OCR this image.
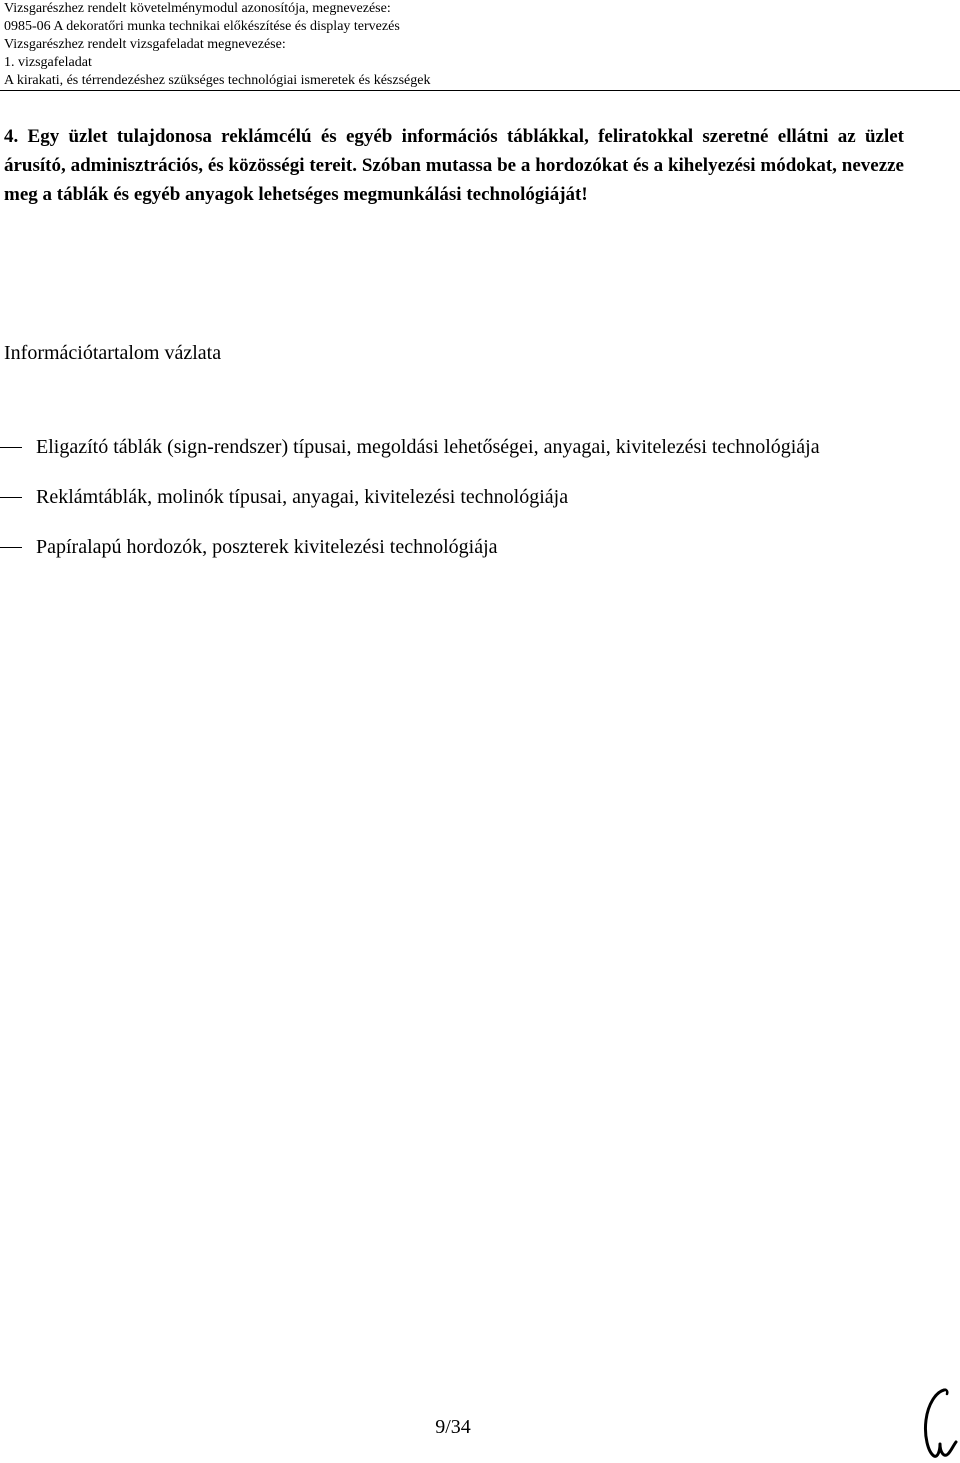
Vizsgarészhez rendelt követelménymodul azonosítója, megnevezése:
0985-06 A dekoratőri munka technikai előkészítése és display tervezés
Vizsgarészhez rendelt vizsgafeladat megnevezése:
1. vizsgafeladat
A kirakati, és térrendezéshez szükséges technológiai ismeretek és készségek
4. Egy üzlet tulajdonosa reklámcélú és egyéb információs táblákkal, feliratokkal szeretné ellátni az üzlet árusító, adminisztrációs, és közösségi tereit. Szóban mutassa be a hordozókat és a kihelyezési módokat, nevezze meg a táblák és egyéb anyagok lehetséges megmunkálási technológiáját!
Információtartalom vázlata
Eligazító táblák (sign-rendszer) típusai, megoldási lehetőségei, anyagai, kivitelezési technológiája
Reklámtáblák, molinók típusai, anyagai, kivitelezési technológiája
Papíralapú hordozók, poszterek kivitelezési technológiája
9/34
